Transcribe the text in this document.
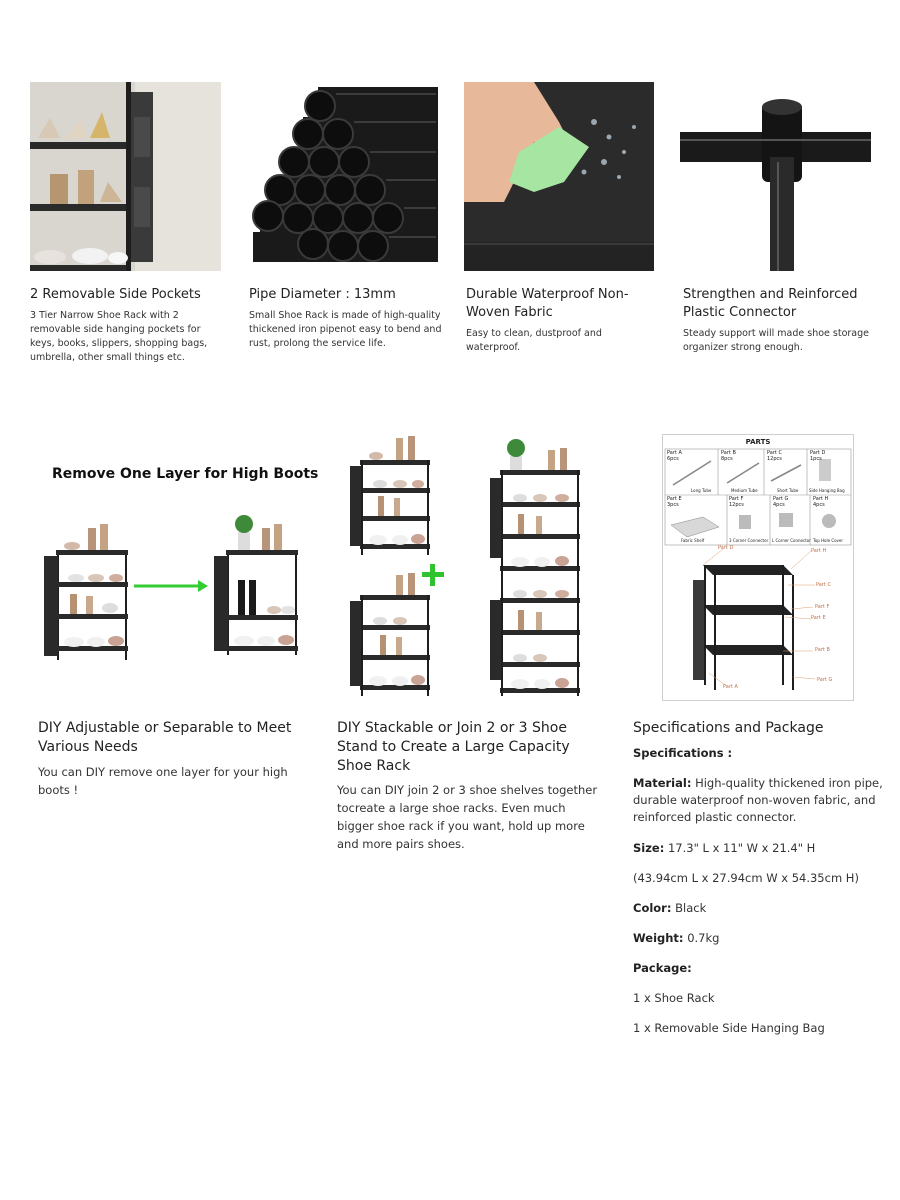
2 Removable Side Pockets
3 Tier Narrow Shoe Rack with 2 removable side hanging pockets for keys, books, slippers, shopping bags, umbrella, other small things etc.
Pipe Diameter : 13mm
Small Shoe Rack is made of high-quality thickened iron pipenot easy to bend and rust, prolong the service life.
Durable Waterproof Non-Woven Fabric
Easy to clean, dustproof and waterproof.
Strengthen and Reinforced Plastic Connector
Steady support will made shoe storage organizer strong enough.
Remove One Layer for High Boots
PARTS
Part A
6pcs
Long Tube
Part B
8pcs
Medium Tube
Part C
12pcs
Short Tube
Part D
1pcs
Side Hanging Bag
Part E
3pcs
Fabric Shelf
Part F
12pcs
3 Corner Connector
Part G
4pcs
L Corner Connector
Part H
4pcs
Top Hole Cover
Part D	Part H
Part C
Part F
Part E
Part B
Part A
Part G
DIY Adjustable or Separable to Meet Various Needs
You can DIY remove one layer for your high boots !
DIY Stackable or Join 2 or 3 Shoe Stand to Create a Large Capacity Shoe Rack
You can DIY join 2 or 3 shoe shelves together tocreate a large shoe racks. Even much bigger shoe rack if you want, hold up more and more pairs shoes.
Specifications and Package
Specifications :
Material: High-quality thickened iron pipe, durable waterproof non-woven fabric, and reinforced plastic connector.
Size: 17.3" L x 11" W x 21.4" H
(43.94cm L x 27.94cm W x 54.35cm H)
Color: Black
Weight: 0.7kg
Package:
1 x Shoe Rack
1 x Removable Side Hanging Bag
